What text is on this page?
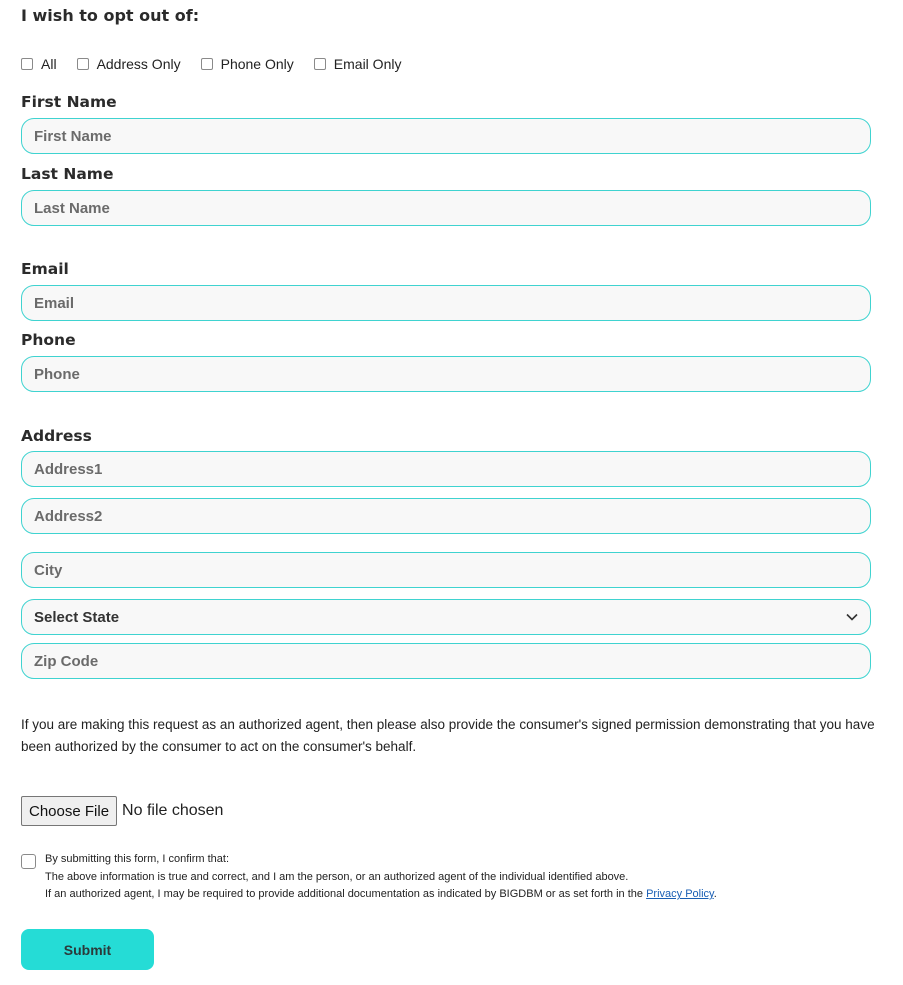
I wish to opt out of:
All	Address Only	Phone Only	Email Only
First Name
First Name
Last Name
Last Name
Email
Email
Phone
Phone
Address
Address1
Address2
City
Select State
Zip Code
If you are making this request as an authorized agent, then please also provide the consumer's signed permission demonstrating that you have been authorized by the consumer to act on the consumer's behalf.
Choose File No file chosen
By submitting this form, I confirm that:
The above information is true and correct, and I am the person, or an authorized agent of the individual identified above.
If an authorized agent, I may be required to provide additional documentation as indicated by BIGDBM or as set forth in the Privacy Policy.
Submit
